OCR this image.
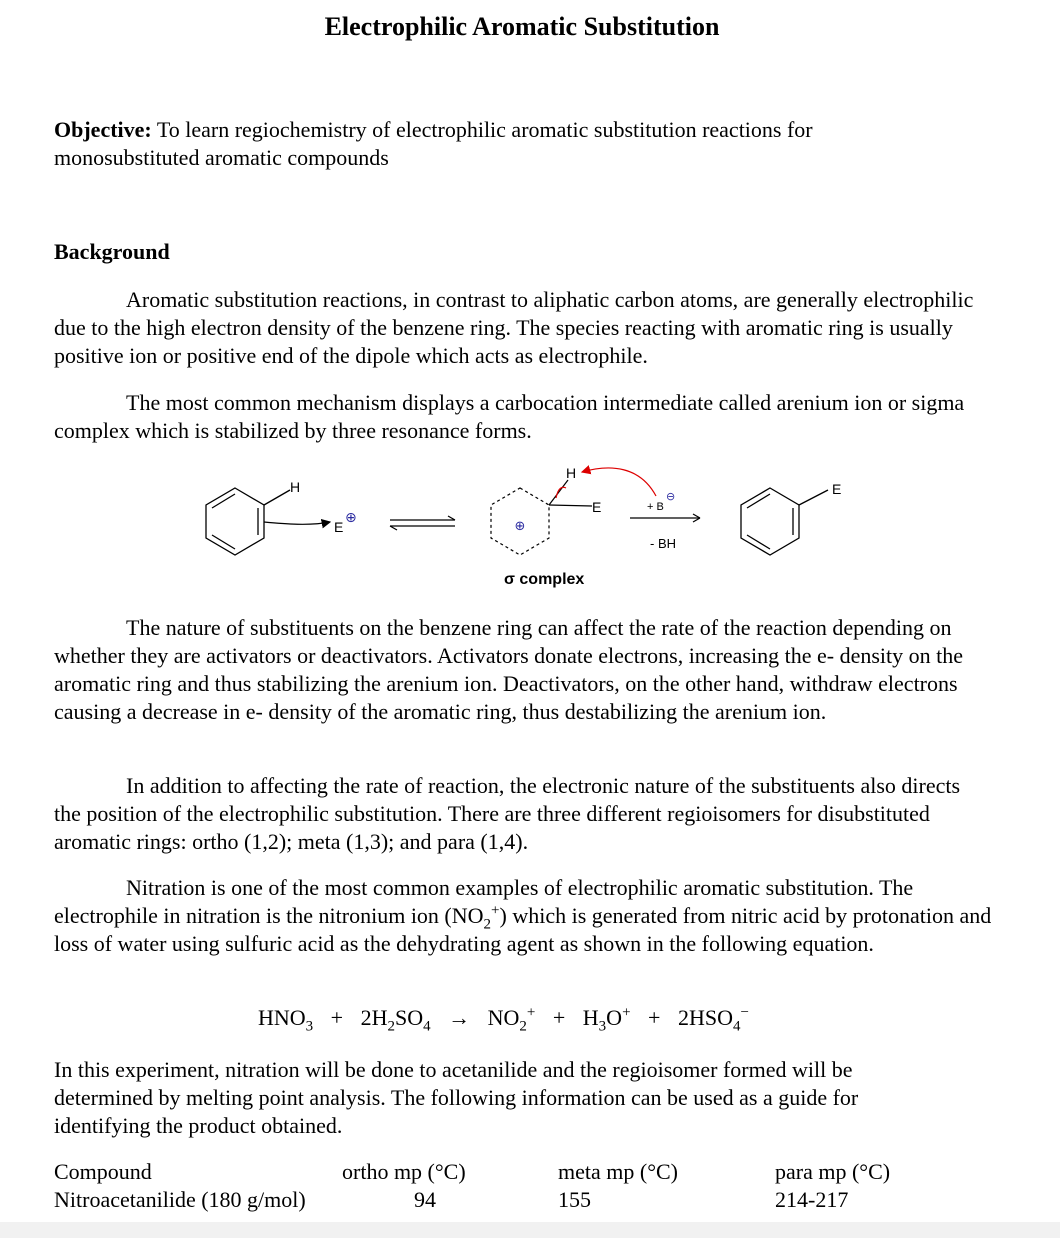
Electrophilic Aromatic Substitution
Objective: To learn regiochemistry of electrophilic aromatic substitution reactions for monosubstituted aromatic compounds
Background
Aromatic substitution reactions, in contrast to aliphatic carbon atoms, are generally electrophilic due to the high electron density of the benzene ring. The species reacting with aromatic ring is usually positive ion or positive end of the dipole which acts as electrophile.
The most common mechanism displays a carbocation intermediate called arenium ion or sigma complex which is stabilized by three resonance forms.
H
E
⊕
⊕
H
E	+ B
⊖
σ complex
- BH
E
The nature of substituents on the benzene ring can affect the rate of the reaction depending on whether they are activators or deactivators. Activators donate electrons, increasing the e- density on the aromatic ring and thus stabilizing the arenium ion. Deactivators, on the other hand, withdraw electrons causing a decrease in e- density of the aromatic ring, thus destabilizing the arenium ion.
In addition to affecting the rate of reaction, the electronic nature of the substituents also directs the position of the electrophilic substitution. There are three different regioisomers for disubstituted aromatic rings: ortho (1,2); meta (1,3); and para (1,4).
Nitration is one of the most common examples of electrophilic aromatic substitution. The electrophile in nitration is the nitronium ion $(NO_2^+)$ which is generated from nitric acid by protonation and loss of water using sulfuric acid as the dehydrating agent as shown in the following equation.
$HNO_3 + 2H_2SO_4 \to NO_2^+ + H_3O^+ + 2HSO_4^-$
In this experiment, nitration will be done to acetanilide and the regioisomer formed will be determined by melting point analysis. The following information can be used as a guide for identifying the product obtained.
Compound	ortho mp (°C)	meta mp (°C)	para mp (°C)
Nitroacetanilide (180 g/mol)	94	155	214-217
